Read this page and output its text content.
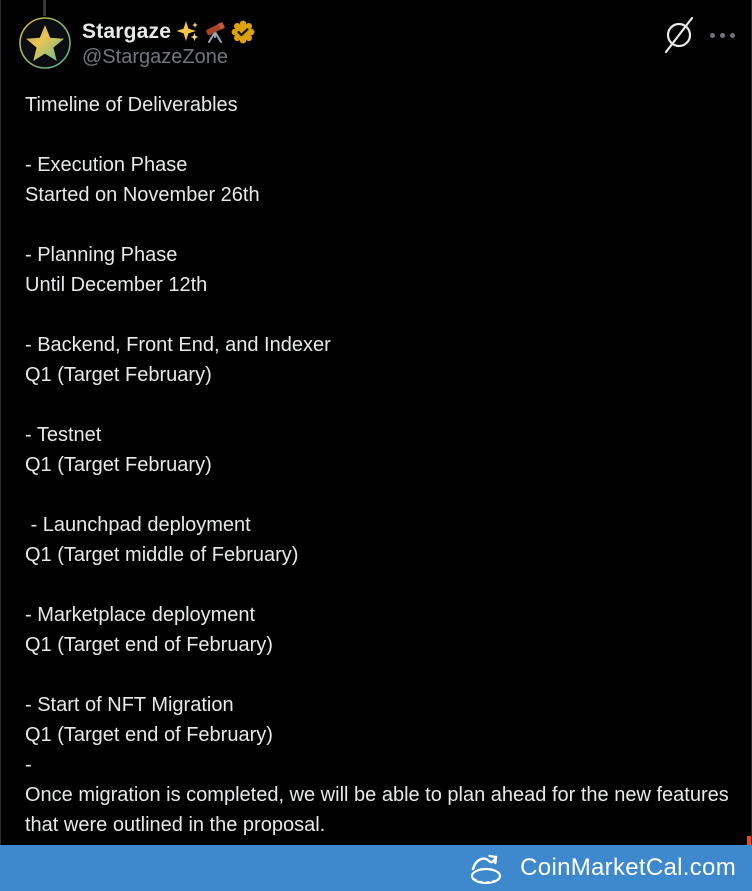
Stargaze
@StargazeZone
Timeline of Deliverables
- Execution Phase
Started on November 26th
- Planning Phase
Until December 12th
- Backend, Front End, and Indexer
Q1 (Target February)
- Testnet
Q1 (Target February)
- Launchpad deployment
Q1 (Target middle of February)
- Marketplace deployment
Q1 (Target end of February)
- Start of NFT Migration
Q1 (Target end of February)
-
Once migration is completed, we will be able to plan ahead for the new features that were outlined in the proposal.
CoinMarketCal.com
